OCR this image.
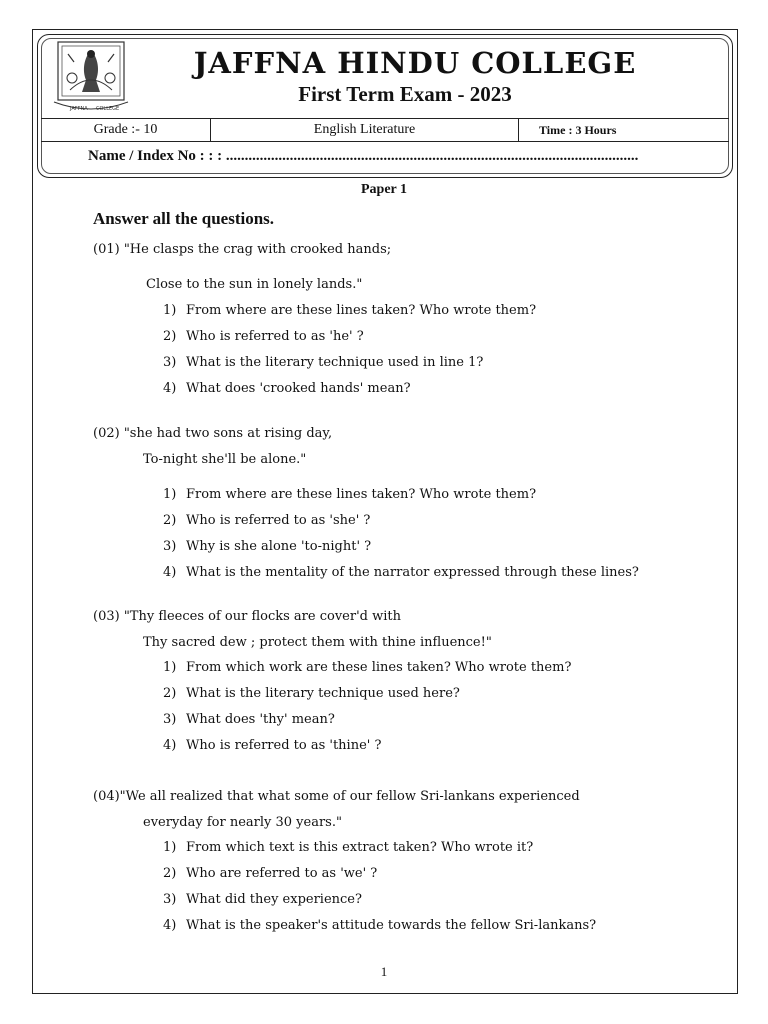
JAFFNA COLLEGE
JAFFNA HINDU COLLEGE
First Term Exam - 2023
Grade :- 10	English Literature	Time : 3 Hours
Name / Index No : : : ..............................................................................................................
Paper 1
Answer all the questions.
(01) "He clasps the crag with crooked hands;
Close to the sun in lonely lands."
1) From where are these lines taken? Who wrote them?
2) Who is referred to as 'he' ?
3) What is the literary technique used in line 1?
4) What does 'crooked hands' mean?
(02) "she had two sons at rising day,
To-night she'll be alone."
1) From where are these lines taken? Who wrote them?
2) Who is referred to as 'she' ?
3) Why is she alone 'to-night' ?
4) What is the mentality of the narrator expressed through these lines?
(03) "Thy fleeces of our flocks are cover'd with
Thy sacred dew ; protect them with thine influence!"
1) From which work are these lines taken? Who wrote them?
2) What is the literary technique used here?
3) What does 'thy' mean?
4) Who is referred to as 'thine' ?
(04)"We all realized that what some of our fellow Sri-lankans experienced
everyday for nearly 30 years."
1) From which text is this extract taken? Who wrote it?
2) Who are referred to as 'we' ?
3) What did they experience?
4) What is the speaker's attitude towards the fellow Sri-lankans?
1
